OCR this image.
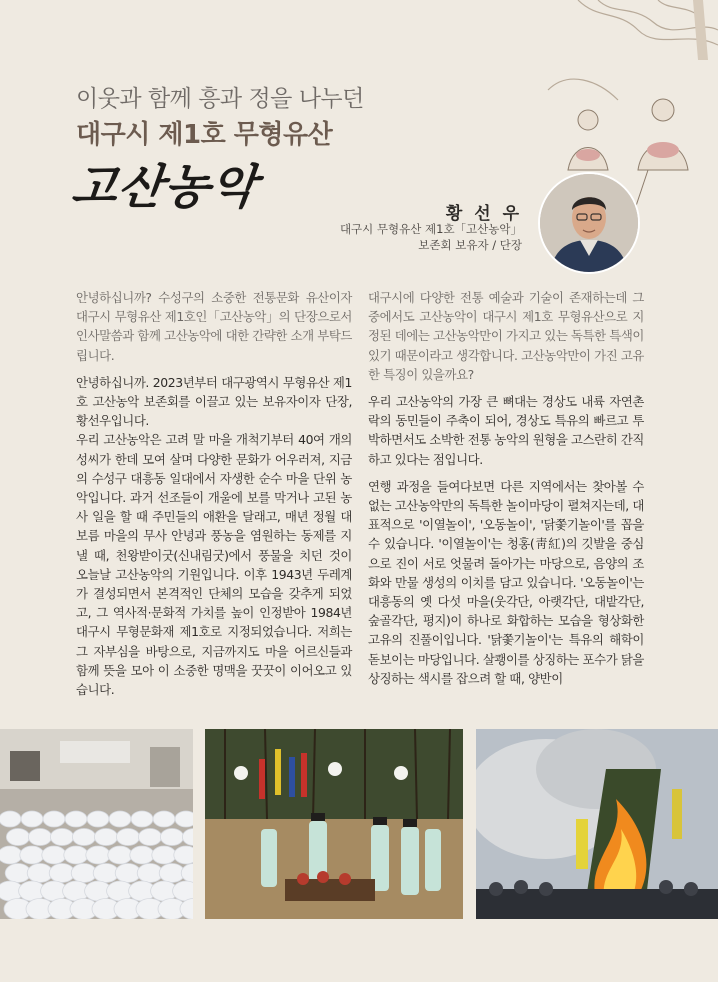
이웃과 함께 흥과 정을 나누던
대구시 제1호 무형유산
고산농악	황 선 우
대구시 무형유산 제1호「고산농악」
보존회 보유자 / 단장

안녕하십니까? 수성구의 소중한 전통문화 유산이자 대구시 무형유산 제1호인「고산농악」의 단장으로서 인사말씀과 함께 고산농악에 대한 간략한 소개 부탁드립니다.

안녕하십니까. 2023년부터 대구광역시 무형유산 제1호 고산농악 보존회를 이끌고 있는 보유자이자 단장, 황선우입니다.
우리 고산농악은 고려 말 마을 개척기부터 40여 개의 성씨가 한데 모여 살며 다양한 문화가 어우러져, 지금의 수성구 대흥동 일대에서 자생한 순수 마을 단위 농악입니다. 과거 선조들이 개울에 보를 막거나 고된 농사 일을 할 때 주민들의 애환을 달래고, 매년 정월 대보름 마을의 무사 안녕과 풍농을 염원하는 동제를 지낼 때, 천왕받이굿(신내림굿)에서 풍물을 치던 것이 오늘날 고산농악의 기원입니다. 이후 1943년 두레계가 결성되면서 본격적인 단체의 모습을 갖추게 되었고, 그 역사적·문화적 가치를 높이 인정받아 1984년 대구시 무형문화재 제1호로 지정되었습니다. 저희는 그 자부심을 바탕으로, 지금까지도 마을 어르신들과 함께 뜻을 모아 이 소중한 명맥을 꿋꿋이 이어오고 있습니다.

대구시에 다양한 전통 예술과 기술이 존재하는데 그 중에서도 고산농악이 대구시 제1호 무형유산으로 지정된 데에는 고산농악만이 가지고 있는 독특한 특색이 있기 때문이라고 생각합니다. 고산농악만이 가진 고유한 특징이 있을까요?

우리 고산농악의 가장 큰 뼈대는 경상도 내륙 자연촌락의 동민들이 주축이 되어, 경상도 특유의 빠르고 투박하면서도 소박한 전통 농악의 원형을 고스란히 간직하고 있다는 점입니다.

연행 과정을 들여다보면 다른 지역에서는 찾아볼 수 없는 고산농악만의 독특한 놀이마당이 펼쳐지는데, 대표적으로 '이열놀이', '오동놀이', '닭쫓기놀이'를 꼽을 수 있습니다. '이열놀이'는 청홍(靑紅)의 깃발을 중심으로 진이 서로 엇물려 돌아가는 마당으로, 음양의 조화와 만물 생성의 이치를 담고 있습니다. '오동놀이'는 대흥동의 옛 다섯 마을(웃각단, 아랫각단, 대밭각단, 숲골각단, 평지)이 하나로 화합하는 모습을 형상화한 고유의 진풀이입니다. '닭쫓기놀이'는 특유의 해학이 돋보이는 마당입니다. 살쾡이를 상징하는 포수가 닭을 상징하는 색시를 잡으려 할 때, 양반이
